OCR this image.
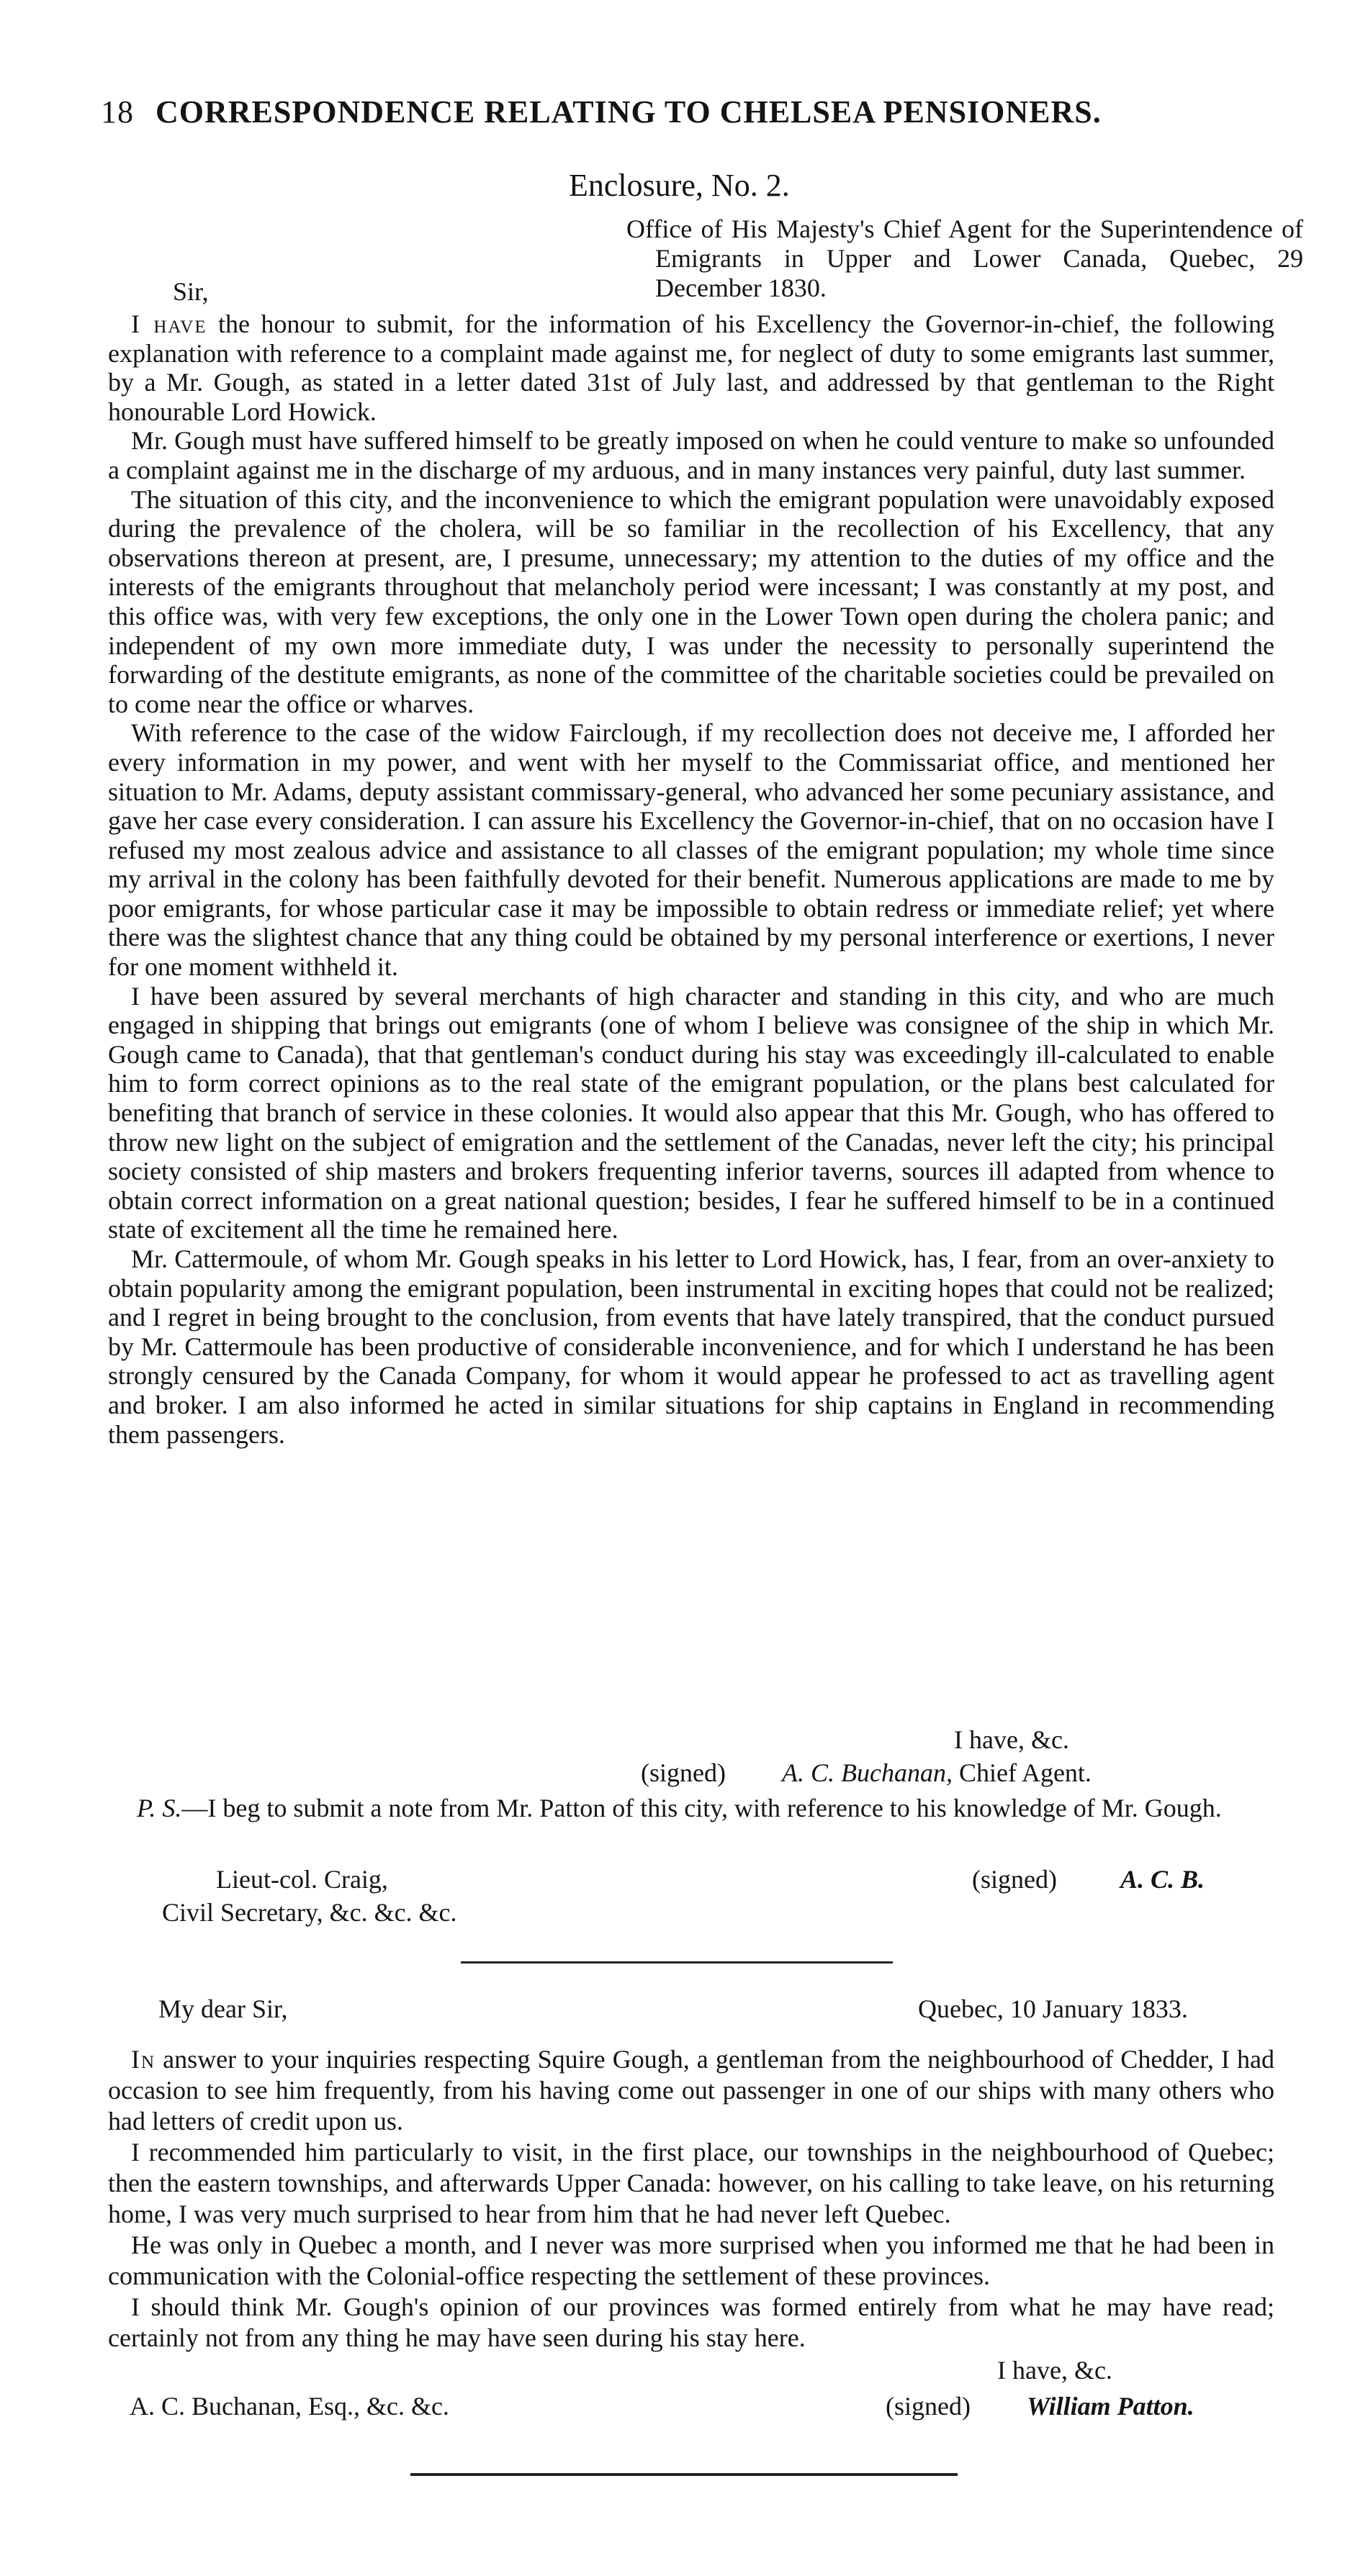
18 CORRESPONDENCE RELATING TO CHELSEA PENSIONERS.
Enclosure, No. 2.
Office of His Majesty's Chief Agent for the Superintendence of Emigrants in Upper and Lower Canada, Quebec, 29 December 1830.
Sir,

I have the honour to submit, for the information of his Excellency the Governor-in-chief, the following explanation with reference to a complaint made against me, for neglect of duty to some emigrants last summer, by a Mr. Gough, as stated in a letter dated 31st of July last, and addressed by that gentleman to the Right honourable Lord Howick.

Mr. Gough must have suffered himself to be greatly imposed on when he could venture to make so unfounded a complaint against me in the discharge of my arduous, and in many instances very painful, duty last summer.

The situation of this city, and the inconvenience to which the emigrant population were unavoidably exposed during the prevalence of the cholera, will be so familiar in the recollection of his Excellency, that any observations thereon at present, are, I presume, unnecessary; my attention to the duties of my office and the interests of the emigrants throughout that melancholy period were incessant; I was constantly at my post, and this office was, with very few exceptions, the only one in the Lower Town open during the cholera panic; and independent of my own more immediate duty, I was under the necessity to personally superintend the forwarding of the destitute emigrants, as none of the committee of the charitable societies could be prevailed on to come near the office or wharves.

With reference to the case of the widow Fairclough, if my recollection does not deceive me, I afforded her every information in my power, and went with her myself to the Commissariat office, and mentioned her situation to Mr. Adams, deputy assistant commissary-general, who advanced her some pecuniary assistance, and gave her case every consideration. I can assure his Excellency the Governor-in-chief, that on no occasion have I refused my most zealous advice and assistance to all classes of the emigrant population; my whole time since my arrival in the colony has been faithfully devoted for their benefit. Numerous applications are made to me by poor emigrants, for whose particular case it may be impossible to obtain redress or immediate relief; yet where there was the slightest chance that any thing could be obtained by my personal interference or exertions, I never for one moment withheld it.

I have been assured by several merchants of high character and standing in this city, and who are much engaged in shipping that brings out emigrants (one of whom I believe was consignee of the ship in which Mr. Gough came to Canada), that that gentleman's conduct during his stay was exceedingly ill-calculated to enable him to form correct opinions as to the real state of the emigrant population, or the plans best calculated for benefiting that branch of service in these colonies. It would also appear that this Mr. Gough, who has offered to throw new light on the subject of emigration and the settlement of the Canadas, never left the city; his principal society consisted of ship masters and brokers frequenting inferior taverns, sources ill adapted from whence to obtain correct information on a great national question; besides, I fear he suffered himself to be in a continued state of excitement all the time he remained here.

Mr. Cattermoule, of whom Mr. Gough speaks in his letter to Lord Howick, has, I fear, from an over-anxiety to obtain popularity among the emigrant population, been instrumental in exciting hopes that could not be realized; and I regret in being brought to the conclusion, from events that have lately transpired, that the conduct pursued by Mr. Cattermoule has been productive of considerable inconvenience, and for which I understand he has been strongly censured by the Canada Company, for whom it would appear he professed to act as travelling agent and broker. I am also informed he acted in similar situations for ship captains in England in recommending them passengers.

I have, &c.
(signed) A. C. Buchanan, Chief Agent.
P. S.—I beg to submit a note from Mr. Patton of this city, with reference to his knowledge of Mr. Gough.
Lieut-col. Craig,
Civil Secretary, &c. &c. &c.
(signed) A. C. B.
My dear Sir,	Quebec, 10 January 1833.

In answer to your inquiries respecting Squire Gough, a gentleman from the neighbourhood of Chedder, I had occasion to see him frequently, from his having come out passenger in one of our ships with many others who had letters of credit upon us.

I recommended him particularly to visit, in the first place, our townships in the neighbourhood of Quebec; then the eastern townships, and afterwards Upper Canada: however, on his calling to take leave, on his returning home, I was very much surprised to hear from him that he had never left Quebec.

He was only in Quebec a month, and I never was more surprised when you informed me that he had been in communication with the Colonial-office respecting the settlement of these provinces.

I should think Mr. Gough's opinion of our provinces was formed entirely from what he may have read; certainly not from any thing he may have seen during his stay here.

I have, &c.
A. C. Buchanan, Esq., &c. &c.	(signed) William Patton.
